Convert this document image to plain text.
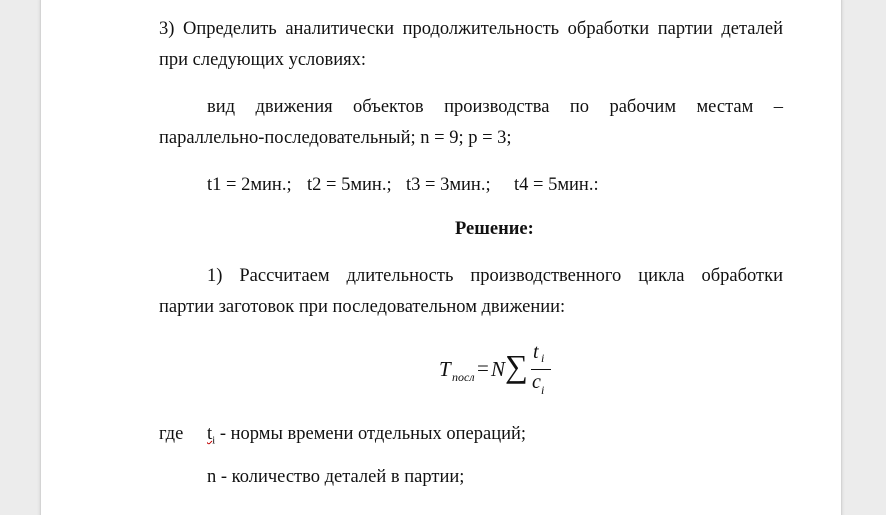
3) Определить аналитически продолжительность обработки партии деталей
при следующих условиях:
вид движения объектов производства по рабочим местам –
параллельно-последовательный; n = 9; p = 3;
t1 = 2мин.; t2 = 5мин.; t3 = 3мин.; t4 = 5мин.:
Решение:
1) Рассчитаем длительность производственного цикла обработки
партии заготовок при последовательном движении:
T посл = N ∑ t i
c i
где $t_i$ - нормы времени отдельных операций;
n - количество деталей в партии;
